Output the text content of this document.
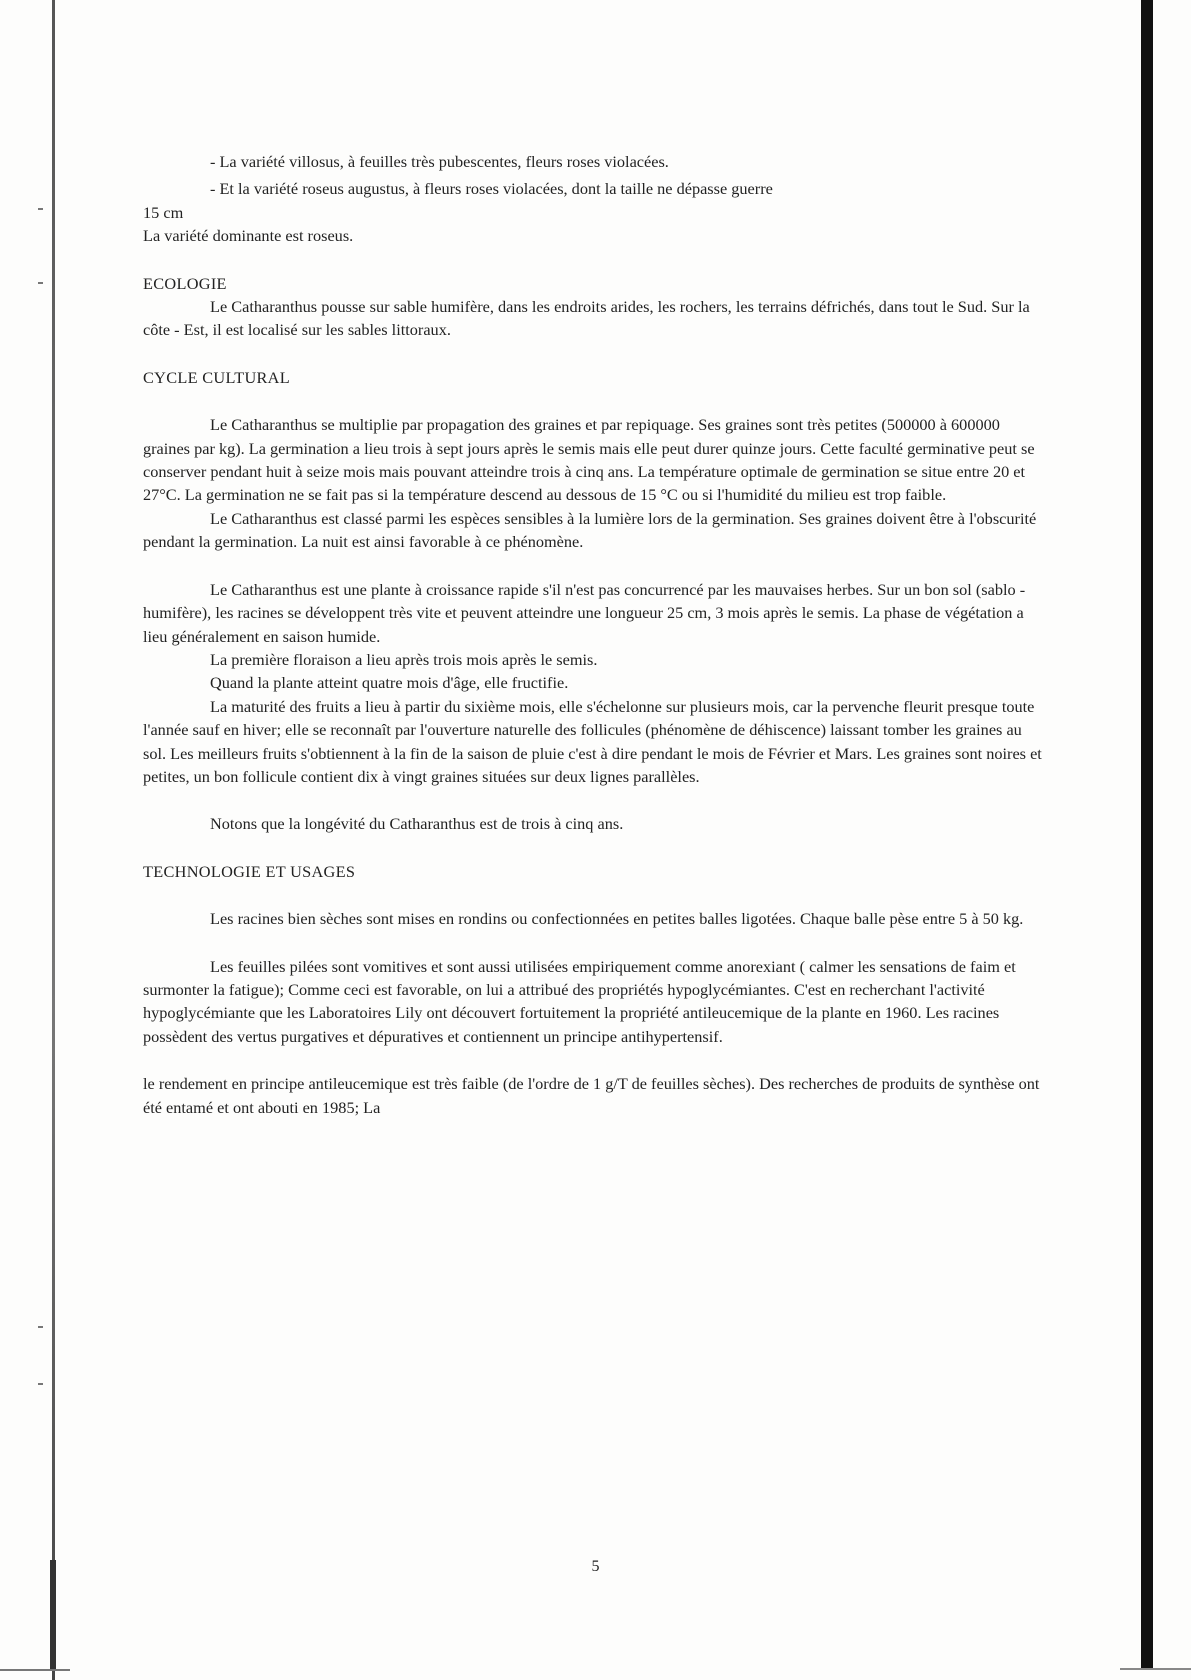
- La variété villosus, à feuilles très pubescentes, fleurs roses violacées.

- Et la variété roseus augustus, à fleurs roses violacées, dont la taille ne dépasse guerre

15 cm

La variété dominante est roseus.

ECOLOGIE

Le Catharanthus pousse sur sable humifère, dans les endroits arides, les rochers, les terrains défrichés, dans tout le Sud. Sur la côte - Est, il est localisé sur les sables littoraux.

CYCLE CULTURAL

Le Catharanthus se multiplie par propagation des graines et par repiquage. Ses graines sont très petites (500000 à 600000 graines par kg). La germination a lieu trois à sept jours après le semis mais elle peut durer quinze jours. Cette faculté germinative peut se conserver pendant huit à seize mois mais pouvant atteindre trois à cinq ans. La température optimale de germination se situe entre 20 et 27°C. La germination ne se fait pas si la température descend au dessous de 15 °C ou si l'humidité du milieu est trop faible.

Le Catharanthus est classé parmi les espèces sensibles à la lumière lors de la germination. Ses graines doivent être à l'obscurité pendant la germination. La nuit est ainsi favorable à ce phénomène.

Le Catharanthus est une plante à croissance rapide s'il n'est pas concurrencé par les mauvaises herbes. Sur un bon sol (sablo -humifère), les racines se développent très vite et peuvent atteindre une longueur 25 cm, 3 mois après le semis. La phase de végétation a lieu généralement en saison humide.

La première floraison a lieu après trois mois après le semis.

Quand la plante atteint quatre mois d'âge, elle fructifie.

La maturité des fruits a lieu à partir du sixième mois, elle s'échelonne sur plusieurs mois, car la pervenche fleurit presque toute l'année sauf en hiver; elle se reconnaît par l'ouverture naturelle des follicules (phénomène de déhiscence) laissant tomber les graines au sol. Les meilleurs fruits s'obtiennent à la fin de la saison de pluie c'est à dire pendant le mois de Février et Mars. Les graines sont noires et petites, un bon follicule contient dix à vingt graines situées sur deux lignes parallèles.

Notons que la longévité du Catharanthus est de trois à cinq ans.

TECHNOLOGIE ET USAGES

Les racines bien sèches sont mises en rondins ou confectionnées en petites balles ligotées. Chaque balle pèse entre 5 à 50 kg.

Les feuilles pilées sont vomitives et sont aussi utilisées empiriquement comme anorexiant ( calmer les sensations de faim et surmonter la fatigue); Comme ceci est favorable, on lui a attribué des propriétés hypoglycémiantes. C'est en recherchant l'activité hypoglycémiante que les Laboratoires Lily ont découvert fortuitement la propriété antileucemique de la plante en 1960. Les racines possèdent des vertus purgatives et dépuratives et contiennent un principe antihypertensif.

le rendement en principe antileucemique est très faible (de l'ordre de 1 g/T de feuilles sèches). Des recherches de produits de synthèse ont été entamé et ont abouti en 1985; La

5
